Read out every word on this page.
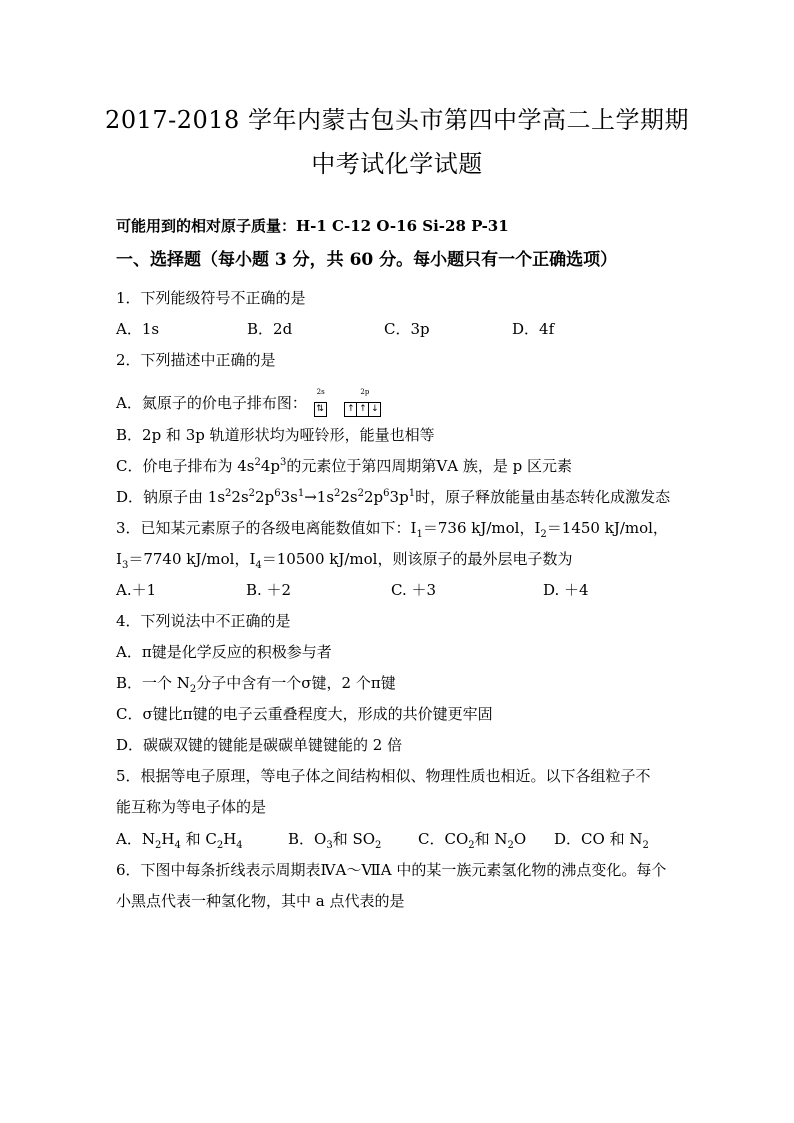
2017-2018 学年内蒙古包头市第四中学高二上学期期
中考试化学试题
可能用到的相对原子质量：H-1 C-12 O-16 Si-28 P-31
一、选择题（每小题 3 分，共 60 分。每小题只有一个正确选项）
1．下列能级符号不正确的是
A．1s	B．2d	C．3p	D．4f
2．下列描述中正确的是
A．氮原子的价电子排布图：
2s
⇅
2p
↑ ↑ ↓
B．2p 和 3p 轨道形状均为哑铃形，能量也相等
C．价电子排布为 $4s^24p^3$的元素位于第四周期第ⅤA 族，是 p 区元素
D．钠原子由 $1s^22s^22p^63s^1\to 1s^22s^22p^63p^1$时，原子释放能量由基态转化成激发态
3．已知某元素原子的各级电离能数值如下：$I_1=736$ kJ/mol，$I_2=1450$ kJ/mol，
$I_3=7740$ kJ/mol，$I_4=10500$ kJ/mol，则该原子的最外层电子数为
A.＋1	B. ＋2	C. ＋3	D. ＋4
4．下列说法中不正确的是
A．π键是化学反应的积极参与者
B．一个 $N_2$分子中含有一个σ键，2 个π键
C．σ键比π键的电子云重叠程度大，形成的共价键更牢固
D．碳碳双键的键能是碳碳单键键能的 2 倍
5．根据等电子原理，等电子体之间结构相似、物理性质也相近。以下各组粒子不
能互称为等电子体的是
A．$N_2H_4$ 和 $C_2H_4$	B．$O_3$和 $SO_2$ C．$CO_2$和 $N_2O$ D．CO 和 $N_2$
6．下图中每条折线表示周期表ⅣA～ⅦA 中的某一族元素氢化物的沸点变化。每个
小黑点代表一种氢化物，其中 a 点代表的是
